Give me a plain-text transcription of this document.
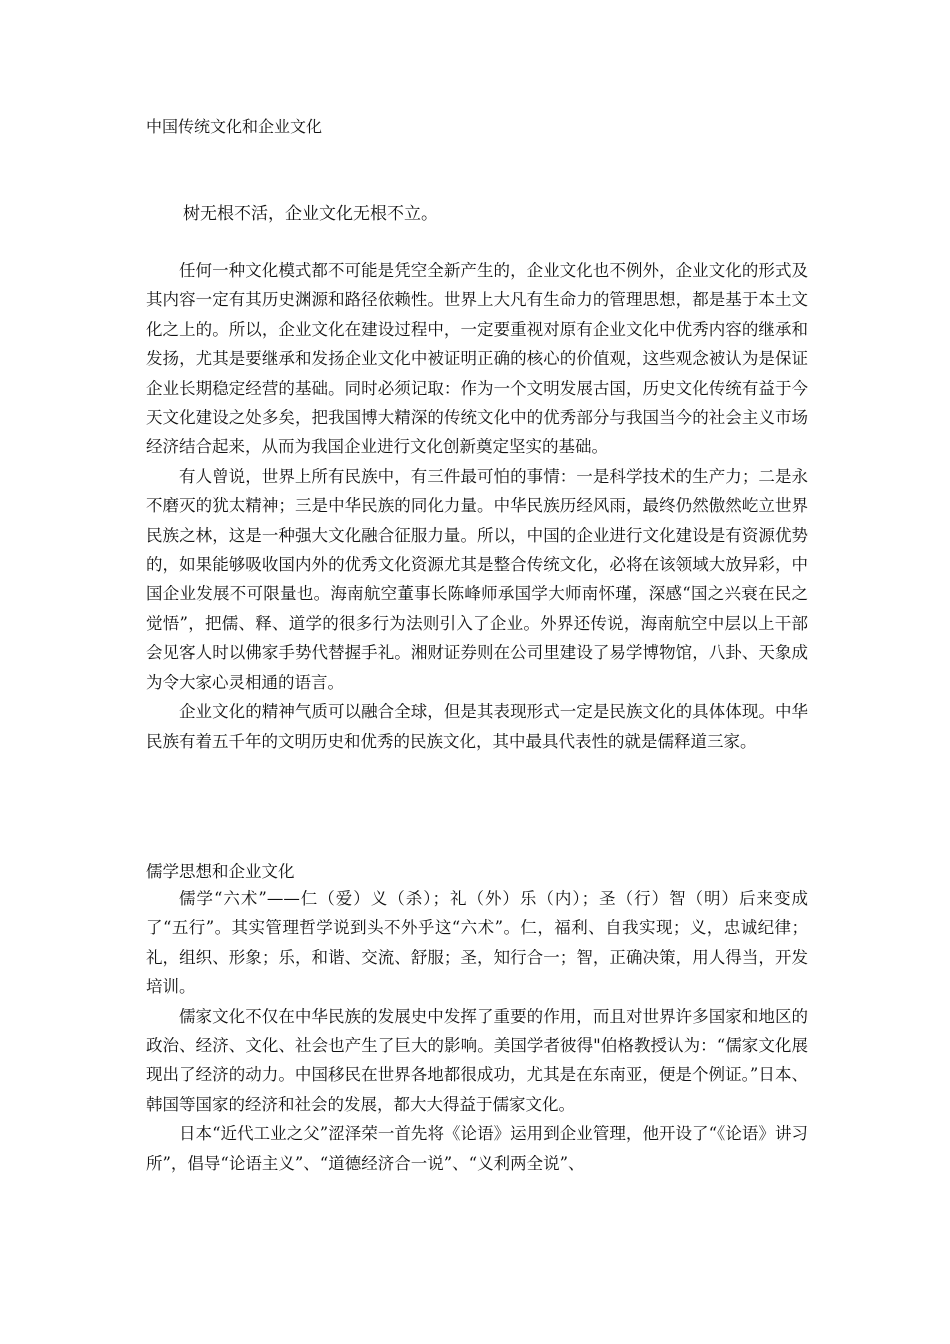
中国传统文化和企业文化
树无根不活，企业文化无根不立。

任何一种文化模式都不可能是凭空全新产生的，企业文化也不例外，企业文化的形式及其内容一定有其历史渊源和路径依赖性。世界上大凡有生命力的管理思想，都是基于本土文化之上的。所以，企业文化在建设过程中，一定要重视对原有企业文化中优秀内容的继承和发扬，尤其是要继承和发扬企业文化中被证明正确的核心的价值观，这些观念被认为是保证企业长期稳定经营的基础。同时必须记取：作为一个文明发展古国，历史文化传统有益于今天文化建设之处多矣，把我国博大精深的传统文化中的优秀部分与我国当今的社会主义市场经济结合起来，从而为我国企业进行文化创新奠定坚实的基础。

有人曾说，世界上所有民族中，有三件最可怕的事情：一是科学技术的生产力；二是永不磨灭的犹太精神；三是中华民族的同化力量。中华民族历经风雨，最终仍然傲然屹立世界民族之林，这是一种强大文化融合征服力量。所以，中国的企业进行文化建设是有资源优势的，如果能够吸收国内外的优秀文化资源尤其是整合传统文化，必将在该领域大放异彩，中国企业发展不可限量也。海南航空董事长陈峰师承国学大师南怀瑾，深感“国之兴衰在民之觉悟”，把儒、释、道学的很多行为法则引入了企业。外界还传说，海南航空中层以上干部会见客人时以佛家手势代替握手礼。湘财证券则在公司里建设了易学博物馆，八卦、天象成为令大家心灵相通的语言。

企业文化的精神气质可以融合全球，但是其表现形式一定是民族文化的具体体现。中华民族有着五千年的文明历史和优秀的民族文化，其中最具代表性的就是儒释道三家。

儒学思想和企业文化

儒学“六术”——仁（爱）义（杀）；礼（外）乐（内）；圣（行）智（明）后来变成了“五行”。其实管理哲学说到头不外乎这“六术”。仁，福利、自我实现；义，忠诚纪律；礼，组织、形象；乐，和谐、交流、舒服；圣，知行合一；智，正确决策，用人得当，开发培训。

儒家文化不仅在中华民族的发展史中发挥了重要的作用，而且对世界许多国家和地区的政治、经济、文化、社会也产生了巨大的影响。美国学者彼得"伯格教授认为：“儒家文化展现出了经济的动力。中国移民在世界各地都很成功，尤其是在东南亚，便是个例证。”日本、韩国等国家的经济和社会的发展，都大大得益于儒家文化。

日本“近代工业之父”涩泽荣一首先将《论语》运用到企业管理，他开设了“《论语》讲习所”，倡导“论语主义”、“道德经济合一说”、“义利两全说”、
